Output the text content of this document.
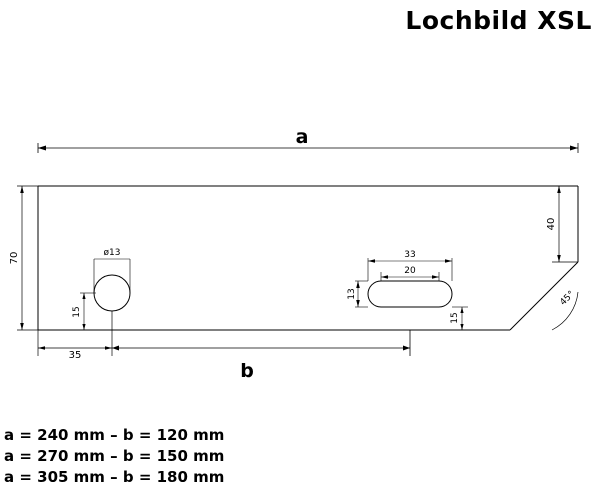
Lochbild XSL
a
ø13	33
20
13
70
40
15
15
45°
35
b
a = 240 mm – b = 120 mm
a = 270 mm – b = 150 mm
a = 305 mm – b = 180 mm
